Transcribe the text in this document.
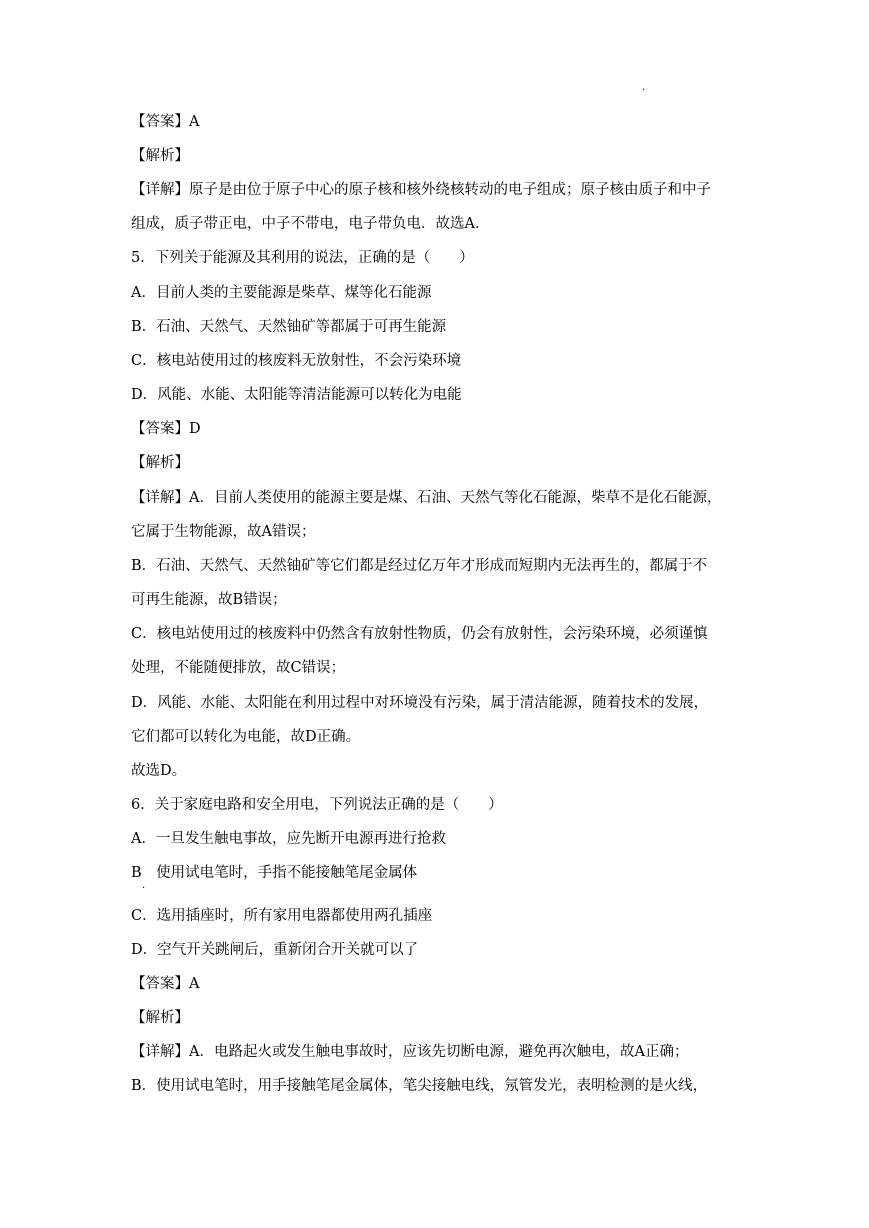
·
【答案】A
【解析】
【详解】原子是由位于原子中心的原子核和核外绕核转动的电子组成；原子核由质子和中子
组成，质子带正电，中子不带电，电子带负电．故选A．
5．下列关于能源及其利用的说法，正确的是（　　）
A．目前人类的主要能源是柴草、煤等化石能源
B．石油、天然气、天然铀矿等都属于可再生能源
C．核电站使用过的核废料无放射性，不会污染环境
D．风能、水能、太阳能等清洁能源可以转化为电能
【答案】D
【解析】
【详解】A．目前人类使用的能源主要是煤、石油、天然气等化石能源，柴草不是化石能源，
它属于生物能源，故A错误；
B．石油、天然气、天然铀矿等它们都是经过亿万年才形成而短期内无法再生的，都属于不
可再生能源，故B错误；
C．核电站使用过的核废料中仍然含有放射性物质，仍会有放射性，会污染环境，必须谨慎
处理，不能随便排放，故C错误；
D．风能、水能、太阳能在利用过程中对环境没有污染，属于清洁能源，随着技术的发展，
它们都可以转化为电能，故D正确。
故选D。
6．关于家庭电路和安全用电，下列说法正确的是（　　）
A．一旦发生触电事故，应先断开电源再进行抢救
B　使用试电笔时，手指不能接触笔尾金属体
·
C．选用插座时，所有家用电器都使用两孔插座
D．空气开关跳闸后，重新闭合开关就可以了
【答案】A
【解析】
【详解】A．电路起火或发生触电事故时，应该先切断电源，避免再次触电，故A正确；
B．使用试电笔时，用手接触笔尾金属体，笔尖接触电线，氖管发光，表明检测的是火线，
